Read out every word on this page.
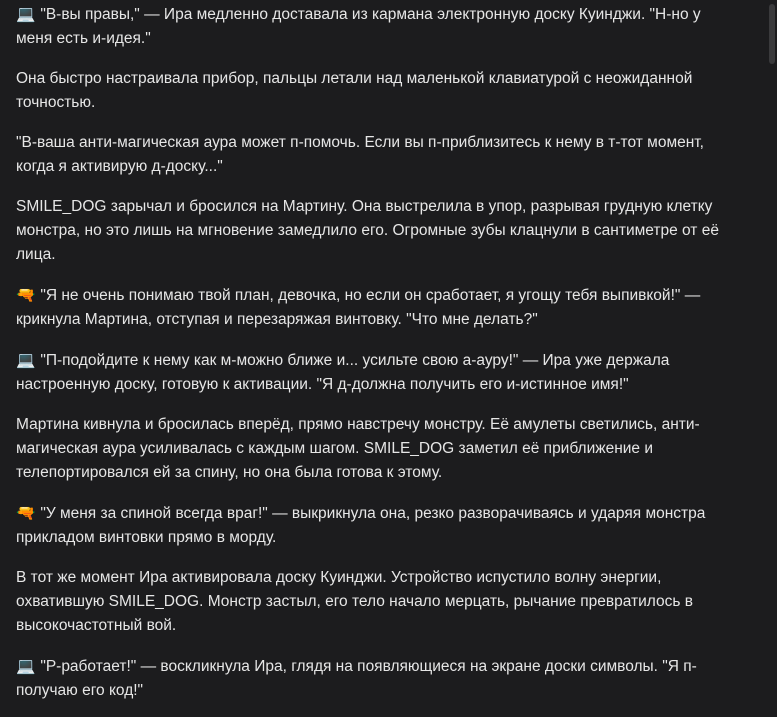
💻 "В-вы правы," — Ира медленно доставала из кармана электронную доску Куинджи. "Н-но у меня есть и-идея."

Она быстро настраивала прибор, пальцы летали над маленькой клавиатурой с неожиданной точностью.

"В-ваша анти-магическая аура может п-помочь. Если вы п-приблизитесь к нему в т-тот момент, когда я активирую д-доску..."

SMILE_DOG зарычал и бросился на Мартину. Она выстрелила в упор, разрывая грудную клетку монстра, но это лишь на мгновение замедлило его. Огромные зубы клацнули в сантиметре от её лица.

🔫 "Я не очень понимаю твой план, девочка, но если он сработает, я угощу тебя выпивкой!" — крикнула Мартина, отступая и перезаряжая винтовку. "Что мне делать?"

💻 "П-подойдите к нему как м-можно ближе и... усильте свою а-ауру!" — Ира уже держала настроенную доску, готовую к активации. "Я д-должна получить его и-истинное имя!"

Мартина кивнула и бросилась вперёд, прямо навстречу монстру. Её амулеты светились, анти-магическая аура усиливалась с каждым шагом. SMILE_DOG заметил её приближение и телепортировался ей за спину, но она была готова к этому.

🔫 "У меня за спиной всегда враг!" — выкрикнула она, резко разворачиваясь и ударяя монстра прикладом винтовки прямо в морду.

В тот же момент Ира активировала доску Куинджи. Устройство испустило волну энергии, охватившую SMILE_DOG. Монстр застыл, его тело начало мерцать, рычание превратилось в высокочастотный вой.

💻 "Р-работает!" — воскликнула Ира, глядя на появляющиеся на экране доски символы. "Я п-получаю его код!"
